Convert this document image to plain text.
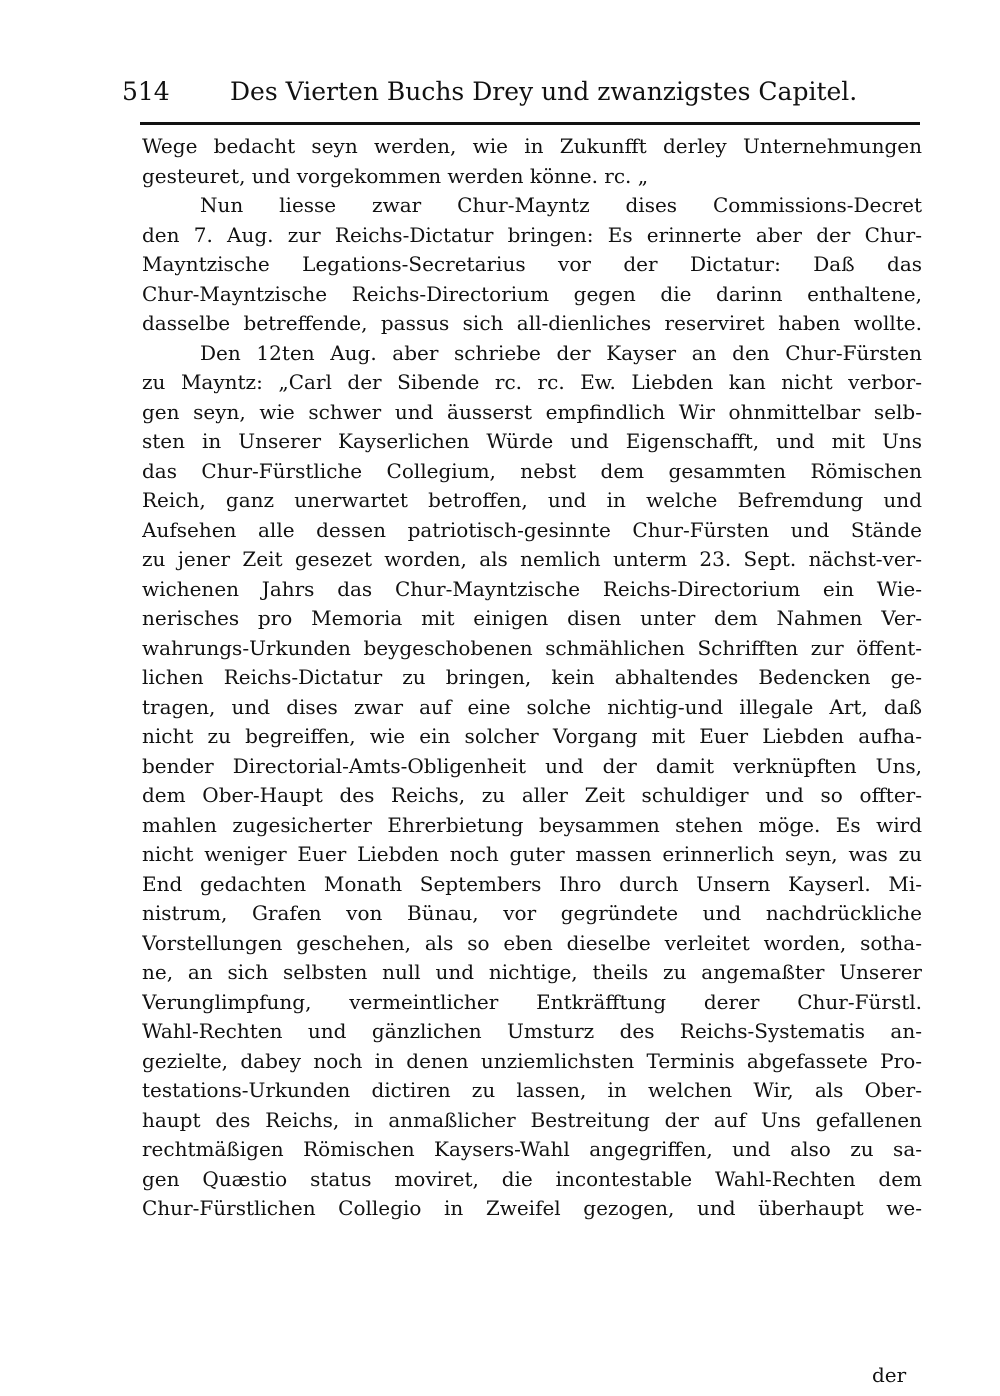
514 Des Vierten Buchs Drey und zwanzigstes Capitel.
Wege bedacht seyn werden, wie in Zukunfft derley Unternehmungen
gesteuret, und vorgekommen werden könne. rc. „
Nun liesse zwar Chur-Mayntz dises Commissions-Decret
den 7. Aug. zur Reichs-Dictatur bringen: Es erinnerte aber der Chur-
Mayntzische Legations-Secretarius vor der Dictatur: Daß das
Chur-Mayntzische Reichs-Directorium gegen die darinn enthaltene,
dasselbe betreffende, passus sich all-dienliches reserviret haben wollte.
Den 12ten Aug. aber schriebe der Kayser an den Chur-Fürsten
zu Mayntz: „Carl der Sibende rc. rc. Ew. Liebden kan nicht verbor-
gen seyn, wie schwer und äusserst empfindlich Wir ohnmittelbar selb-
sten in Unserer Kayserlichen Würde und Eigenschafft, und mit Uns
das Chur-Fürstliche Collegium, nebst dem gesammten Römischen
Reich, ganz unerwartet betroffen, und in welche Befremdung und
Aufsehen alle dessen patriotisch-gesinnte Chur-Fürsten und Stände
zu jener Zeit gesezet worden, als nemlich unterm 23. Sept. nächst-ver-
wichenen Jahrs das Chur-Mayntzische Reichs-Directorium ein Wie-
nerisches pro Memoria mit einigen disen unter dem Nahmen Ver-
wahrungs-Urkunden beygeschobenen schmählichen Schrifften zur öffent-
lichen Reichs-Dictatur zu bringen, kein abhaltendes Bedencken ge-
tragen, und dises zwar auf eine solche nichtig-und illegale Art, daß
nicht zu begreiffen, wie ein solcher Vorgang mit Euer Liebden aufha-
bender Directorial-Amts-Obligenheit und der damit verknüpften Uns,
dem Ober-Haupt des Reichs, zu aller Zeit schuldiger und so offter-
mahlen zugesicherter Ehrerbietung beysammen stehen möge. Es wird
nicht weniger Euer Liebden noch guter massen erinnerlich seyn, was zu
End gedachten Monath Septembers Ihro durch Unsern Kayserl. Mi-
nistrum, Grafen von Bünau, vor gegründete und nachdrückliche
Vorstellungen geschehen, als so eben dieselbe verleitet worden, sotha-
ne, an sich selbsten null und nichtige, theils zu angemaßter Unserer
Verunglimpfung, vermeintlicher Entkräfftung derer Chur-Fürstl.
Wahl-Rechten und gänzlichen Umsturz des Reichs-Systematis an-
gezielte, dabey noch in denen unziemlichsten Terminis abgefassete Pro-
testations-Urkunden dictiren zu lassen, in welchen Wir, als Ober-
haupt des Reichs, in anmaßlicher Bestreitung der auf Uns gefallenen
rechtmäßigen Römischen Kaysers-Wahl angegriffen, und also zu sa-
gen Quæstio status moviret, die incontestable Wahl-Rechten dem
Chur-Fürstlichen Collegio in Zweifel gezogen, und überhaupt we-
der
